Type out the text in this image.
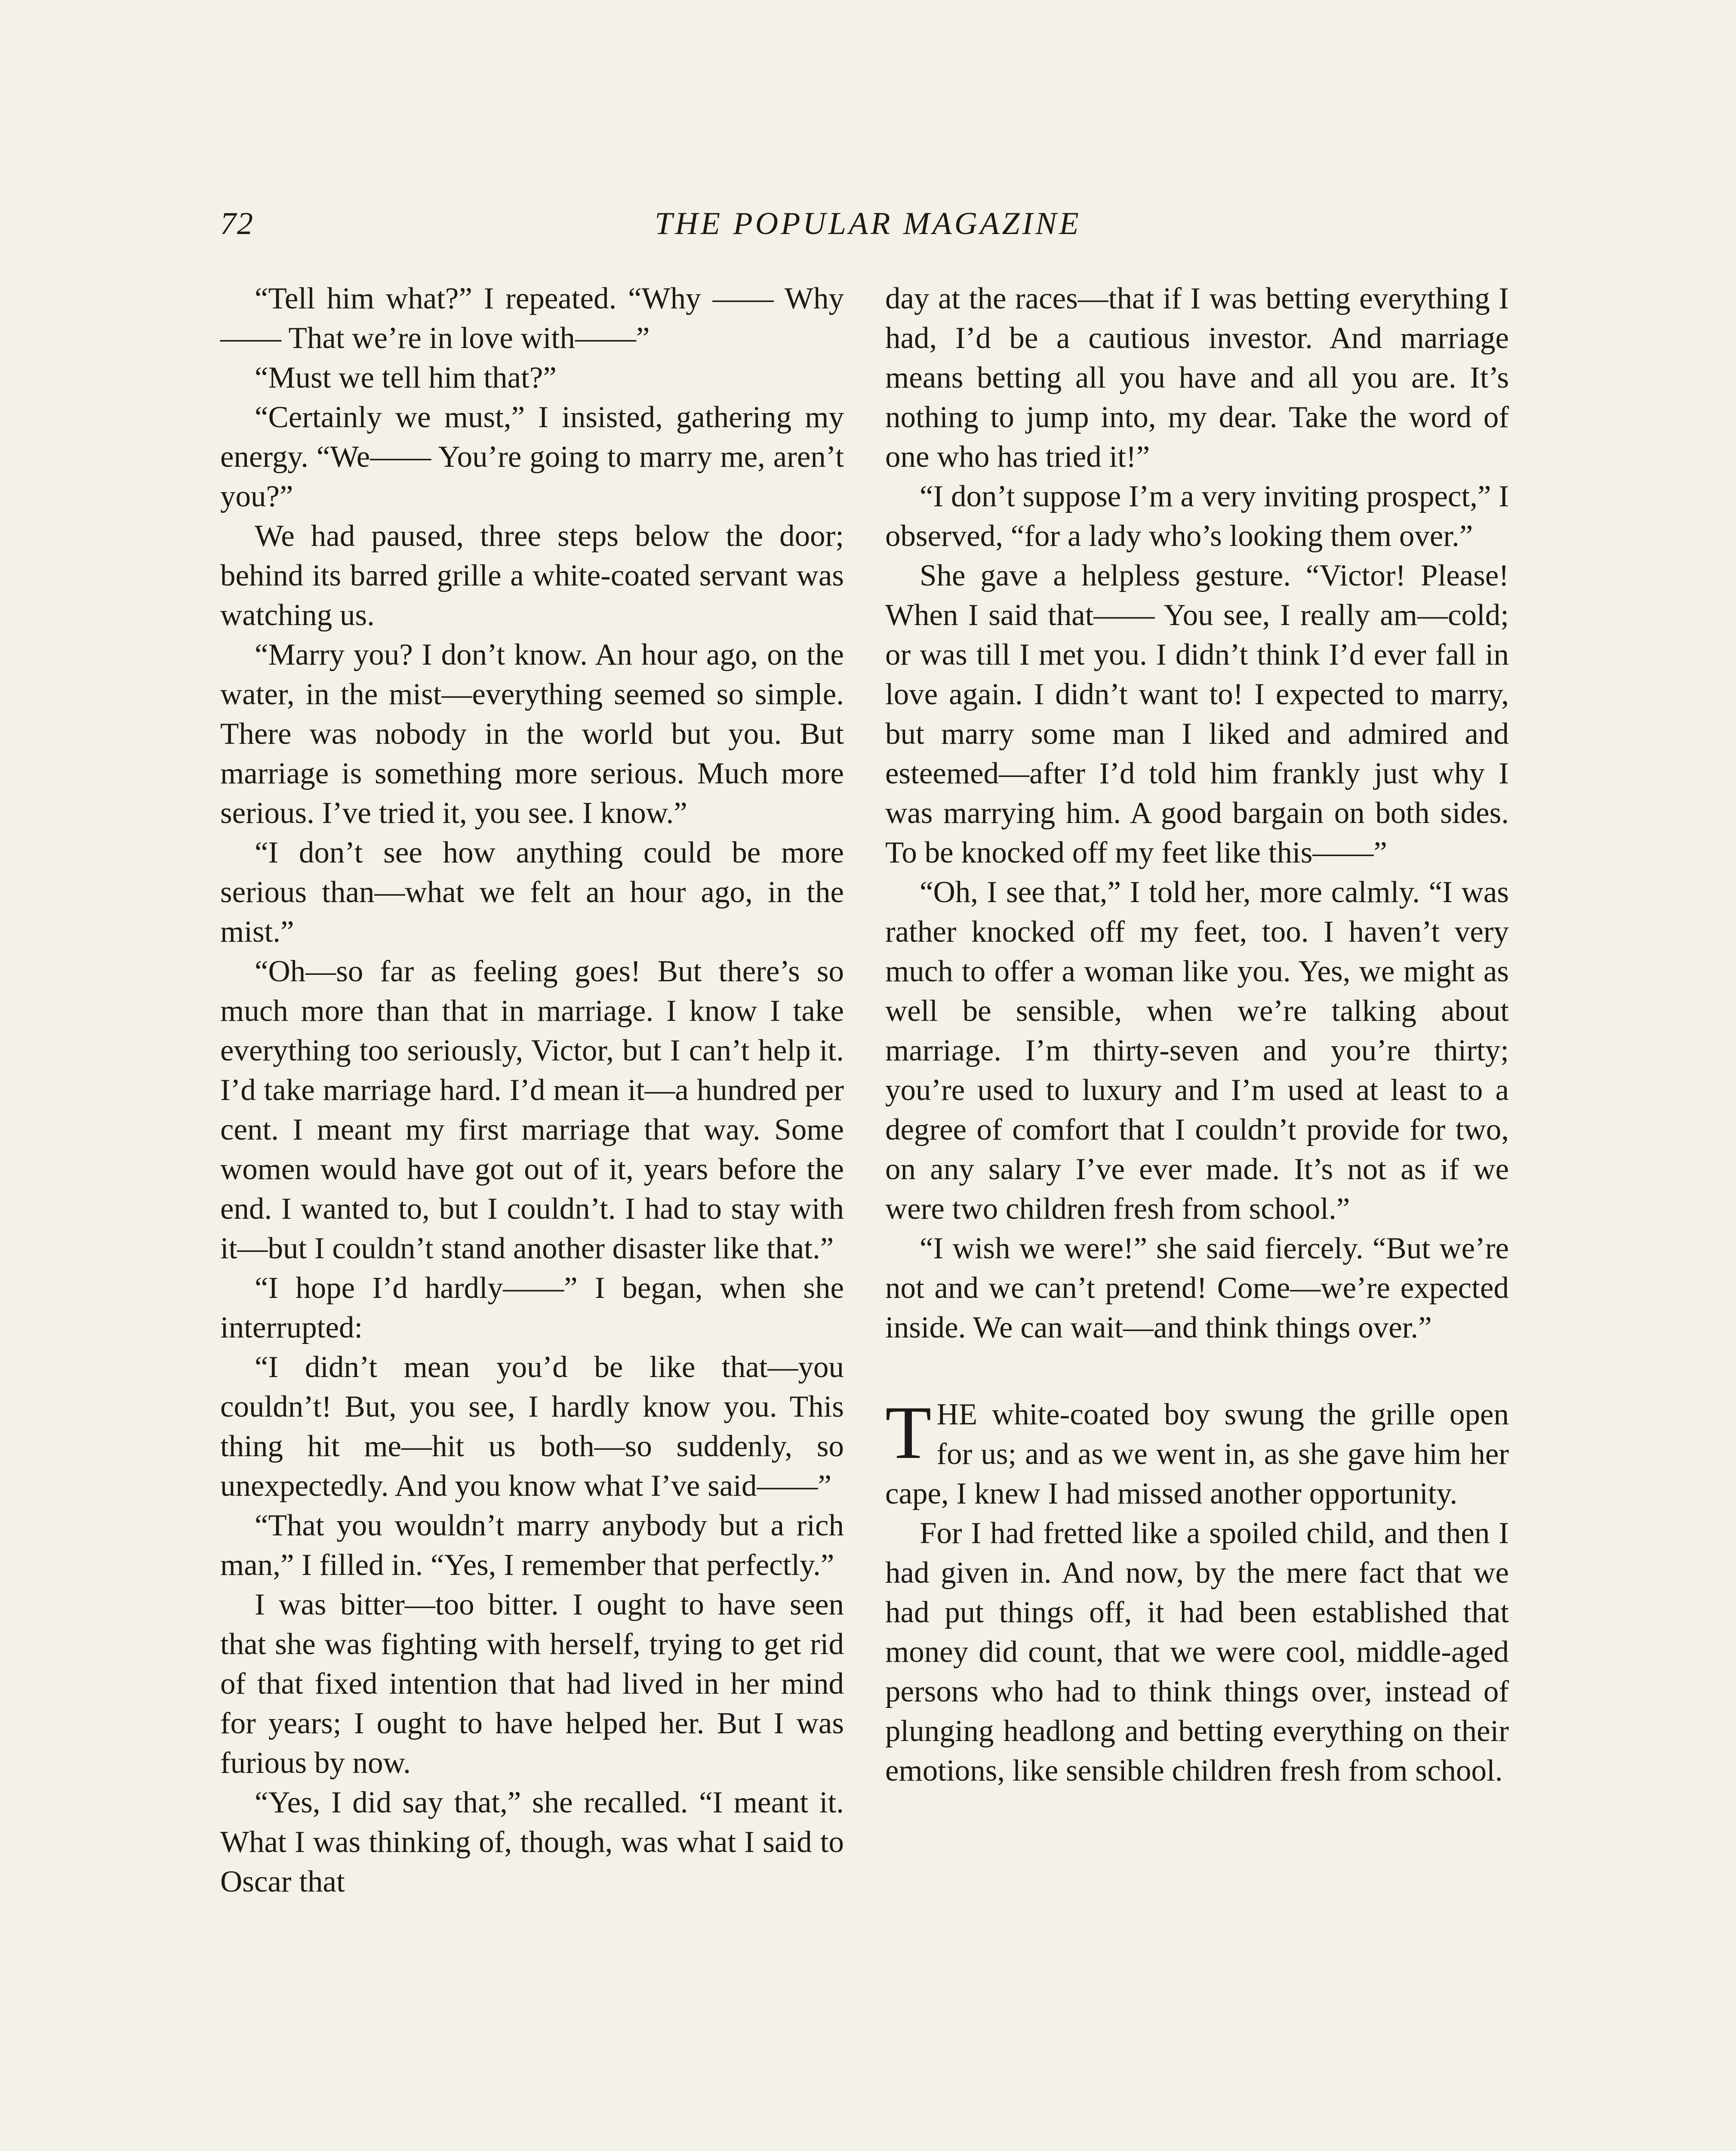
72	THE POPULAR MAGAZINE

“Tell him what?” I repeated. “Why —— Why—— That we’re in love with——”

“Must we tell him that?”

“Certainly we must,” I insisted, gathering my energy. “We—— You’re going to marry me, aren’t you?”

We had paused, three steps below the door; behind its barred grille a white-coated servant was watching us.

“Marry you? I don’t know. An hour ago, on the water, in the mist—everything seemed so simple. There was nobody in the world but you. But marriage is something more serious. Much more serious. I’ve tried it, you see. I know.”

“I don’t see how anything could be more serious than—what we felt an hour ago, in the mist.”

“Oh—so far as feeling goes! But there’s so much more than that in marriage. I know I take everything too seriously, Victor, but I can’t help it. I’d take marriage hard. I’d mean it—a hundred per cent. I meant my first marriage that way. Some women would have got out of it, years before the end. I wanted to, but I couldn’t. I had to stay with it—but I couldn’t stand another disaster like that.”

“I hope I’d hardly——” I began, when she interrupted:

“I didn’t mean you’d be like that—you couldn’t! But, you see, I hardly know you. This thing hit me—hit us both—so suddenly, so unexpectedly. And you know what I’ve said——”

“That you wouldn’t marry anybody but a rich man,” I filled in. “Yes, I remember that perfectly.”

I was bitter—too bitter. I ought to have seen that she was fighting with herself, trying to get rid of that fixed intention that had lived in her mind for years; I ought to have helped her. But I was furious by now.

“Yes, I did say that,” she recalled. “I meant it. What I was thinking of, though, was what I said to Oscar that

day at the races—that if I was betting everything I had, I’d be a cautious investor. And marriage means betting all you have and all you are. It’s nothing to jump into, my dear. Take the word of one who has tried it!”

“I don’t suppose I’m a very inviting prospect,” I observed, “for a lady who’s looking them over.”

She gave a helpless gesture. “Victor! Please! When I said that—— You see, I really am—cold; or was till I met you. I didn’t think I’d ever fall in love again. I didn’t want to! I expected to marry, but marry some man I liked and admired and esteemed—after I’d told him frankly just why I was marrying him. A good bargain on both sides. To be knocked off my feet like this——”

“Oh, I see that,” I told her, more calmly. “I was rather knocked off my feet, too. I haven’t very much to offer a woman like you. Yes, we might as well be sensible, when we’re talking about marriage. I’m thirty-seven and you’re thirty; you’re used to luxury and I’m used at least to a degree of comfort that I couldn’t provide for two, on any salary I’ve ever made. It’s not as if we were two children fresh from school.”

“I wish we were!” she said fiercely. “But we’re not and we can’t pretend! Come—we’re expected inside. We can wait—and think things over.”

THE white-coated boy swung the grille open for us; and as we went in, as she gave him her cape, I knew I had missed another opportunity.

For I had fretted like a spoiled child, and then I had given in. And now, by the mere fact that we had put things off, it had been established that money did count, that we were cool, middle-aged persons who had to think things over, instead of plunging headlong and betting everything on their emotions, like sensible children fresh from school.
